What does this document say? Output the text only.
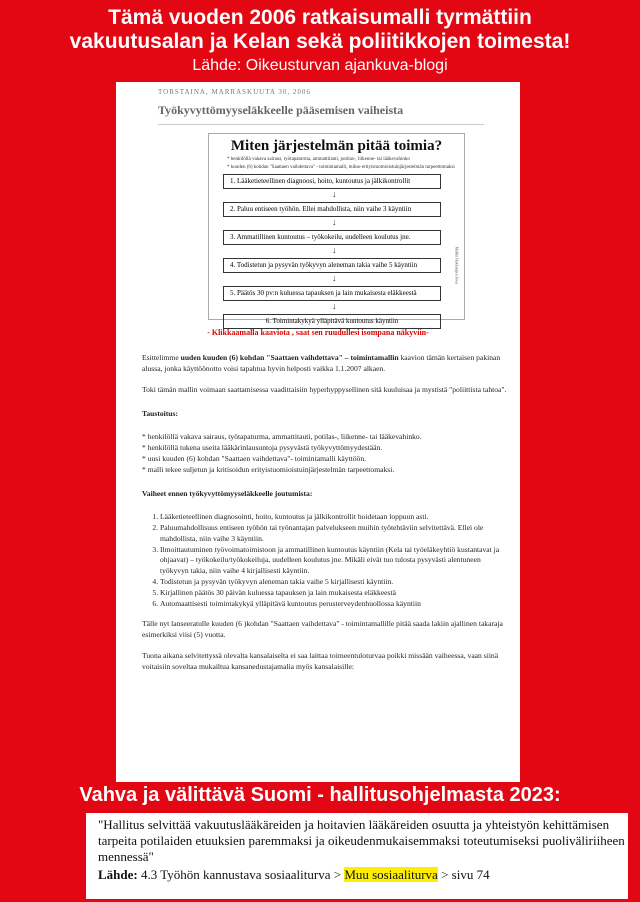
Tämä vuoden 2006 ratkaisumalli tyrmättiin
vakuutusalan ja Kelan sekä poliitikkojen toimesta!
Lähde: Oikeusturvan ajankuva-blogi
TORSTAINA, MARRASKUUTA 30, 2006
Työkyvyttömyyseläkkeelle pääsemisen vaiheista
Miten järjestelmän pitää toimia?
* henkilöllä vakava sairaus, työtapaturma, ammattitauti, potilas-, liikenne- tai lääkevahinko
* kuuden (6) kohdan "Saattaen vaihdettava" - toimintamalli, mikse erityistuomioistuinjärjestelmän tarpeettomaksi
1. Lääketieteellinen diagnoosi, hoito, kuntoutus ja jälkikontrollit ↓
2. Paluu entiseen työhön. Ellei mahdollista, niin vaihe 3 käyntiin ↓
3. Ammatillinen kuntoutus – työkokeilu, uudelleen koulutus jne. ↓
4. Todistetun ja pysyvän työkyvyn aleneman takia vaihe 5 käyntiin ↓
5. Päätös 30 pv:n kuluessa tapauksen ja lain mukaisesta eläkkeestä ↓
6. Toimintakykyä ylläpitävä kuntoutus käyntiin
Mallin Hakkuujen Jooa
- Klikkaamalla kaaviota , saat sen ruudullesi isompana näkyviin-

Esittelimme uuden kuuden (6) kohdan "Saattaen vaihdettava" – toimintamallin kaavion tämän kertaisen pakinan alussa, jonka käyttöönotto voisi tapahtua hyvin helposti vaikka 1.1.2007 alkaen.

Toki tämän mallin voimaan saattamisessa vaadittaisiin hyperhyppysellinen sitä kuuluisaa ja mystistä "poliittista tahtoa".

Taustoitus:
* henkilöllä vakava sairaus, työtapaturma, ammattitauti, potilas-, liikenne- tai lääkevahinko.
* henkilöllä tukena useita lääkärinlausuntoja pysyvästä työkyvyttömyydestään.
* uusi kuuden (6) kohdan "Saattaen vaihdettava"- toimintamalli käyttöön.
* malli tekee suljetun ja kritisoidun erityistuomioistuinjärjestelmän tarpeettomaksi.
Vaiheet ennen työkyvyttömyyseläkkeelle joutumista:
1. Lääketieteellinen diagnosointi, hoito, kuntoutus ja jälkikontrollit hoidetaan loppuun asti.
2. Paluumahdollisuus entiseen työhön tai työnantajan palvelukseen muihin työtehtäviin selvitettävä. Ellei ole mahdollista, niin vaihe 3 käyntiin.
3. Ilmoittautuminen työvoimatoimistoon ja ammatillinen kuntoutus käyntiin (Kela tai työeläkeyhtiö kustantavat ja ohjaavat) – työkokeilu/työkokeiluja, uudelleen koulutus jne. Mikäli eivät tuo tulosta pysyvästi alentuneen työkyvyn takia, niin vaihe 4 kirjallisesti käyntiin.
4. Todistetun ja pysyvän työkyvyn aleneman takia vaihe 5 kirjallisesti käyntiin.
5. Kirjallinen päätös 30 päivän kuluessa tapauksen ja lain mukaisesta eläkkeestä
6. Automaattisesti toimintakykyä ylläpitävä kuntoutus perusterveydenhuollossa käyntiin

Tälle nyt lanseeratulle kuuden (6 )kohdan "Saattaen vaihdettava" - toimintamallille pitää saada lakiin ajallinen takaraja esimerkiksi viisi (5) vuotta.

Tuona aikana selvitettyssä olevalta kansalaiselta ei saa laittaa toimeentuloturvaa poikki missään vaiheessa, vaan siinä voitaisiin soveltaa mukailtua kansanedustajamalia myös kansalaisille:

Vahva ja välittävä Suomi - hallitusohjelmasta 2023:
"Hallitus selvittää vakuutuslääkäreiden ja hoitavien lääkäreiden osuutta ja yhteistyön kehittämisen tarpeita potilaiden etuuksien paremmaksi ja oikeudenmukaisemmaksi toteutumiseksi puoliväliriiheen mennessä"
Lähde: 4.3 Työhön kannustava sosiaaliturva > Muu sosiaaliturva > sivu 74
